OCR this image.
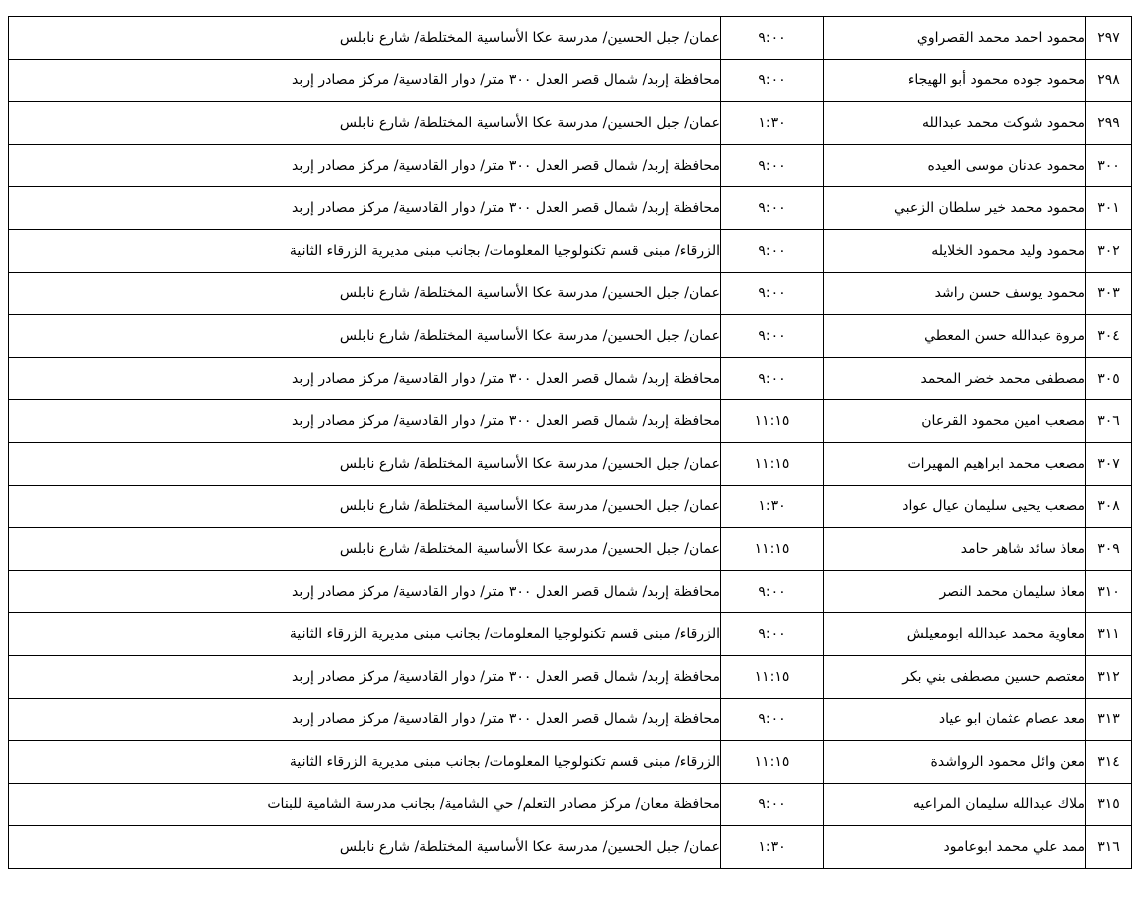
٢٩٧	محمود احمد محمد القصراوي	٩:٠٠	عمان/ جبل الحسين/ مدرسة عكا الأساسية المختلطة/ شارع نابلس
٢٩٨	محمود جوده محمود أبو الهيجاء	٩:٠٠	محافظة إربد/ شمال قصر العدل ٣٠٠ متر/ دوار القادسية/ مركز مصادر إربد
٢٩٩	محمود شوكت محمد عبدالله	١:٣٠	عمان/ جبل الحسين/ مدرسة عكا الأساسية المختلطة/ شارع نابلس
٣٠٠	محمود عدنان موسى العيده	٩:٠٠	محافظة إربد/ شمال قصر العدل ٣٠٠ متر/ دوار القادسية/ مركز مصادر إربد
٣٠١	محمود محمد خير سلطان الزعبي	٩:٠٠	محافظة إربد/ شمال قصر العدل ٣٠٠ متر/ دوار القادسية/ مركز مصادر إربد
٣٠٢	محمود وليد محمود الخلايله	٩:٠٠	الزرقاء/ مبنى قسم تكنولوجيا المعلومات/ بجانب مبنى مديرية الزرقاء الثانية
٣٠٣	محمود يوسف حسن راشد	٩:٠٠	عمان/ جبل الحسين/ مدرسة عكا الأساسية المختلطة/ شارع نابلس
٣٠٤	مروة عبدالله حسن المعطي	٩:٠٠	عمان/ جبل الحسين/ مدرسة عكا الأساسية المختلطة/ شارع نابلس
٣٠٥	مصطفى محمد خضر المحمد	٩:٠٠	محافظة إربد/ شمال قصر العدل ٣٠٠ متر/ دوار القادسية/ مركز مصادر إربد
٣٠٦	مصعب امين محمود القرعان	١١:١٥	محافظة إربد/ شمال قصر العدل ٣٠٠ متر/ دوار القادسية/ مركز مصادر إربد
٣٠٧	مصعب محمد ابراهيم المهيرات	١١:١٥	عمان/ جبل الحسين/ مدرسة عكا الأساسية المختلطة/ شارع نابلس
٣٠٨	مصعب يحيى سليمان عيال عواد	١:٣٠	عمان/ جبل الحسين/ مدرسة عكا الأساسية المختلطة/ شارع نابلس
٣٠٩	معاذ سائد شاهر حامد	١١:١٥	عمان/ جبل الحسين/ مدرسة عكا الأساسية المختلطة/ شارع نابلس
٣١٠	معاذ سليمان محمد النصر	٩:٠٠	محافظة إربد/ شمال قصر العدل ٣٠٠ متر/ دوار القادسية/ مركز مصادر إربد
٣١١	معاوية محمد عبدالله ابومعيلش	٩:٠٠	الزرقاء/ مبنى قسم تكنولوجيا المعلومات/ بجانب مبنى مديرية الزرقاء الثانية
٣١٢	معتصم حسين مصطفى بني بكر	١١:١٥	محافظة إربد/ شمال قصر العدل ٣٠٠ متر/ دوار القادسية/ مركز مصادر إربد
٣١٣	معد عصام عثمان ابو عياد	٩:٠٠	محافظة إربد/ شمال قصر العدل ٣٠٠ متر/ دوار القادسية/ مركز مصادر إربد
٣١٤	معن وائل محمود الرواشدة	١١:١٥	الزرقاء/ مبنى قسم تكنولوجيا المعلومات/ بجانب مبنى مديرية الزرقاء الثانية
٣١٥	ملاك عبدالله سليمان المراعيه	٩:٠٠	محافظة معان/ مركز مصادر التعلم/ حي الشامية/ بجانب مدرسة الشامية للبنات
٣١٦	ممد علي محمد ابوعامود	١:٣٠	عمان/ جبل الحسين/ مدرسة عكا الأساسية المختلطة/ شارع نابلس
